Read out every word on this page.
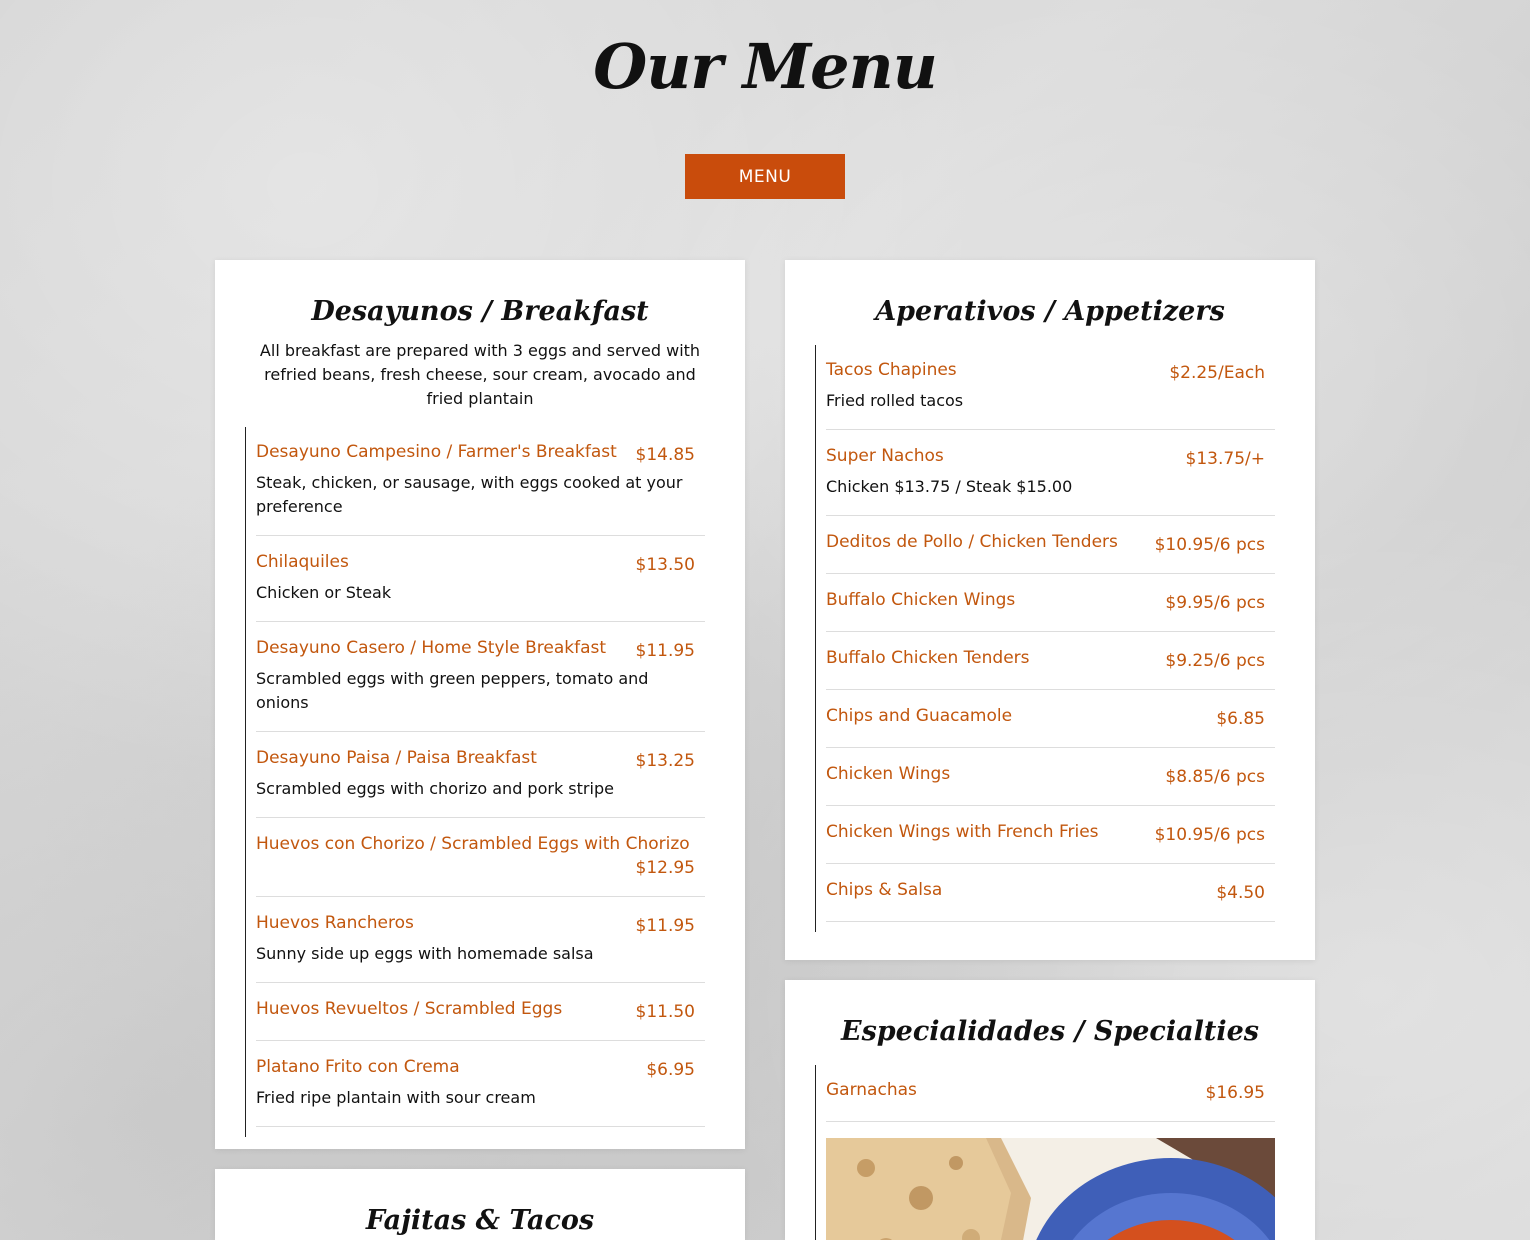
Our Menu
MENU
Desayunos / Breakfast
All breakfast are prepared with 3 eggs and served with refried beans, fresh cheese, sour cream, avocado and fried plantain
Desayuno Campesino / Farmer's Breakfast $14.85
Steak, chicken, or sausage, with eggs cooked at your preference
Chilaquiles	$13.50
Chicken or Steak
Desayuno Casero / Home Style Breakfast $11.95
Scrambled eggs with green peppers, tomato and onions
Desayuno Paisa / Paisa Breakfast	$13.25
Scrambled eggs with chorizo and pork stripe
Huevos con Chorizo / Scrambled Eggs with Chorizo
$12.95
Huevos Rancheros	$11.95
Sunny side up eggs with homemade salsa
Huevos Revueltos / Scrambled Eggs	$11.50
Platano Frito con Crema	$6.95
Fried ripe plantain with sour cream
Fajitas & Tacos
Aperativos / Appetizers
Tacos Chapines	$2.25/Each
Fried rolled tacos
Super Nachos	$13.75/+
Chicken $13.75 / Steak $15.00
Deditos de Pollo / Chicken Tenders $10.95/6 pcs
Buffalo Chicken Wings	$9.95/6 pcs
Buffalo Chicken Tenders	$9.25/6 pcs
Chips and Guacamole	$6.85
Chicken Wings	$8.85/6 pcs
Chicken Wings with French Fries	$10.95/6 pcs
Chips & Salsa	$4.50
Especialidades / Specialties
Garnachas	$16.95
